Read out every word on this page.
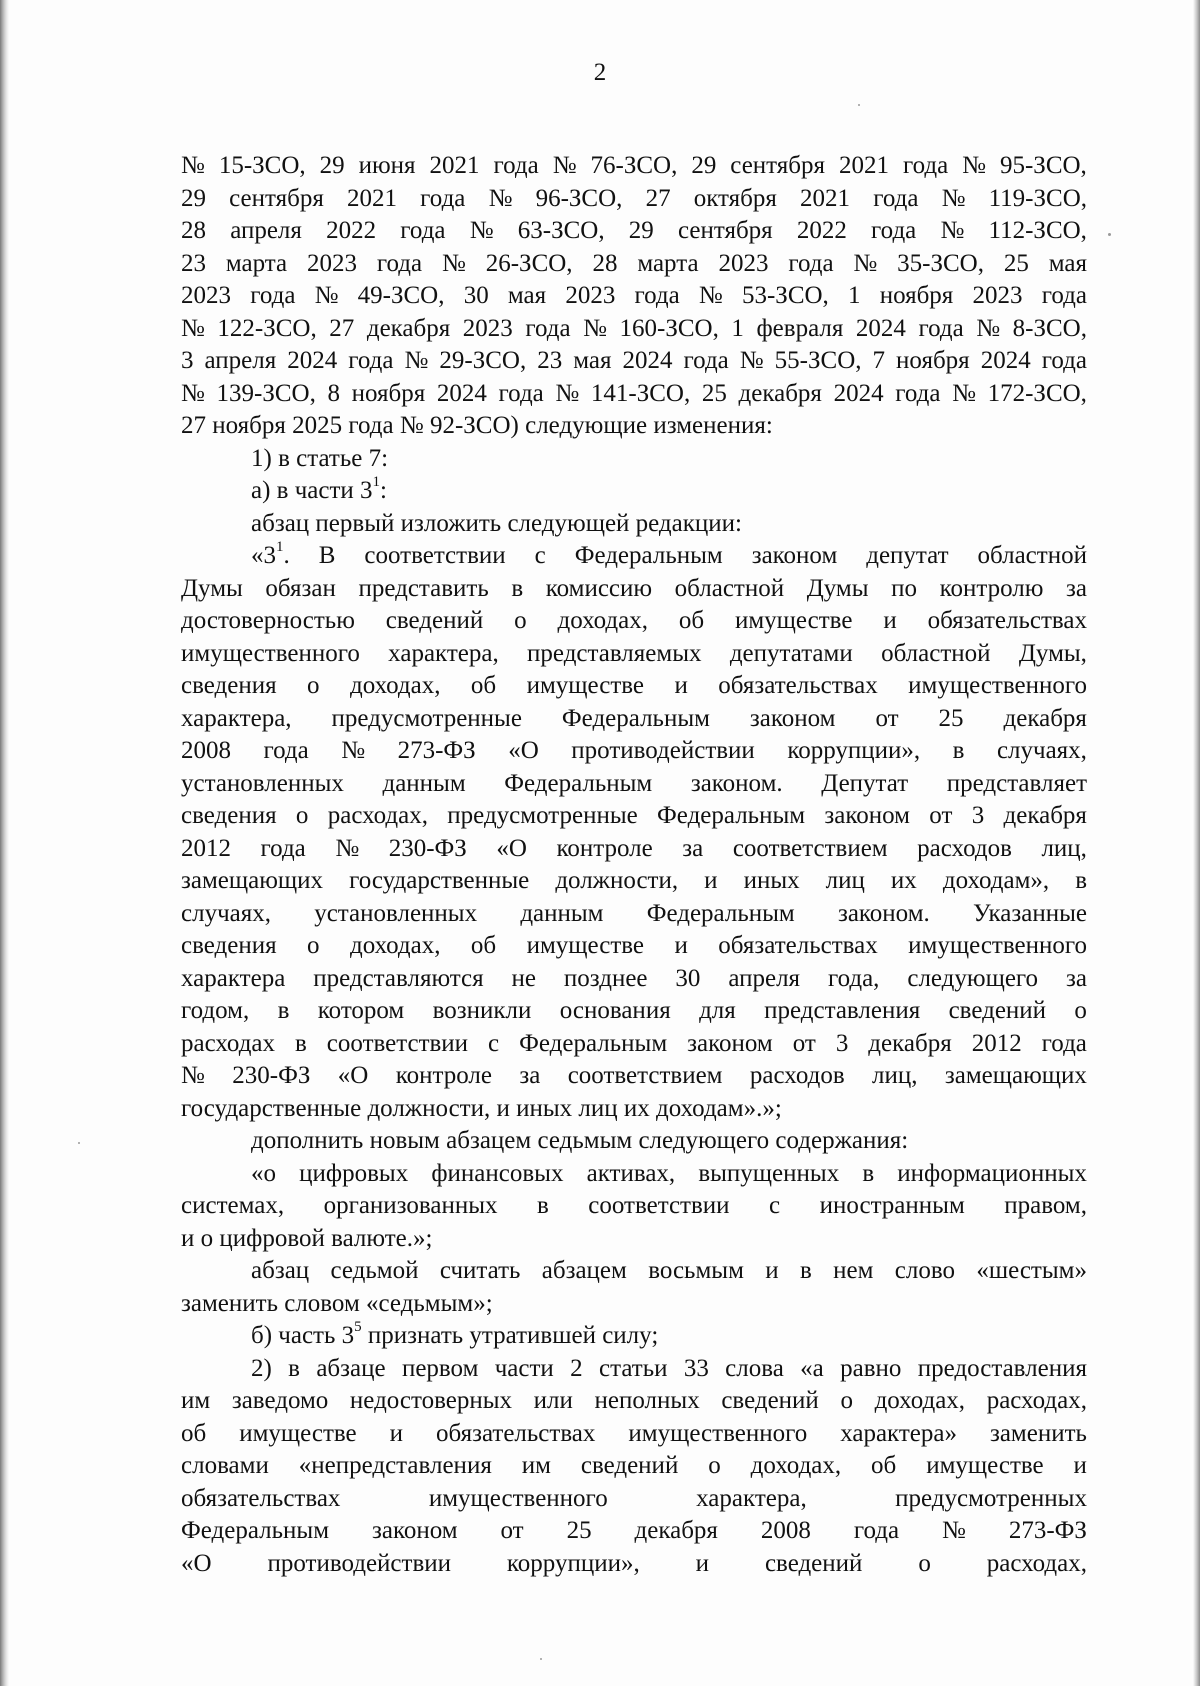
2
№ 15-ЗСО, 29 июня 2021 года № 76-ЗСО, 29 сентября 2021 года № 95-ЗСО,
29 сентября 2021 года № 96-ЗСО, 27 октября 2021 года № 119-ЗСО,
28 апреля 2022 года № 63-ЗСО, 29 сентября 2022 года № 112-ЗСО,
23 марта 2023 года № 26-ЗСО, 28 марта 2023 года № 35-ЗСО, 25 мая
2023 года № 49-ЗСО, 30 мая 2023 года № 53-ЗСО, 1 ноября 2023 года
№ 122-ЗСО, 27 декабря 2023 года № 160-ЗСО, 1 февраля 2024 года № 8-ЗСО,
3 апреля 2024 года № 29-ЗСО, 23 мая 2024 года № 55-ЗСО, 7 ноября 2024 года
№ 139-ЗСО, 8 ноября 2024 года № 141-ЗСО, 25 декабря 2024 года № 172-ЗСО,
27 ноября 2025 года № 92-ЗСО) следующие изменения:
1) в статье 7:
а) в части $3^1$:
абзац первый изложить следующей редакции:
«$3^1$. В соответствии с Федеральным законом депутат областной
Думы обязан представить в комиссию областной Думы по контролю за
достоверностью сведений о доходах, об имуществе и обязательствах
имущественного характера, представляемых депутатами областной Думы,
сведения о доходах, об имуществе и обязательствах имущественного
характера, предусмотренные Федеральным законом от 25 декабря
2008 года № 273-ФЗ «О противодействии коррупции», в случаях,
установленных данным Федеральным законом. Депутат представляет
сведения о расходах, предусмотренные Федеральным законом от 3 декабря
2012 года № 230-ФЗ «О контроле за соответствием расходов лиц,
замещающих государственные должности, и иных лиц их доходам», в
случаях, установленных данным Федеральным законом. Указанные
сведения о доходах, об имуществе и обязательствах имущественного
характера представляются не позднее 30 апреля года, следующего за
годом, в котором возникли основания для представления сведений о
расходах в соответствии с Федеральным законом от 3 декабря 2012 года
№ 230-ФЗ «О контроле за соответствием расходов лиц, замещающих
государственные должности, и иных лиц их доходам».»;
дополнить новым абзацем седьмым следующего содержания:
«о цифровых финансовых активах, выпущенных в информационных
системах, организованных в соответствии с иностранным правом,
и о цифровой валюте.»;
абзац седьмой считать абзацем восьмым и в нем слово «шестым»
заменить словом «седьмым»;
б) часть $3^5$ признать утратившей силу;
2) в абзаце первом части 2 статьи 33 слова «а равно предоставления
им заведомо недостоверных или неполных сведений о доходах, расходах,
об имуществе и обязательствах имущественного характера» заменить
словами «непредставления им сведений о доходах, об имуществе и
обязательствах	имущественного	характера,	предусмотренных
Федеральным законом от 25 декабря 2008 года № 273-ФЗ
«О противодействии коррупции», и сведений о расходах,
